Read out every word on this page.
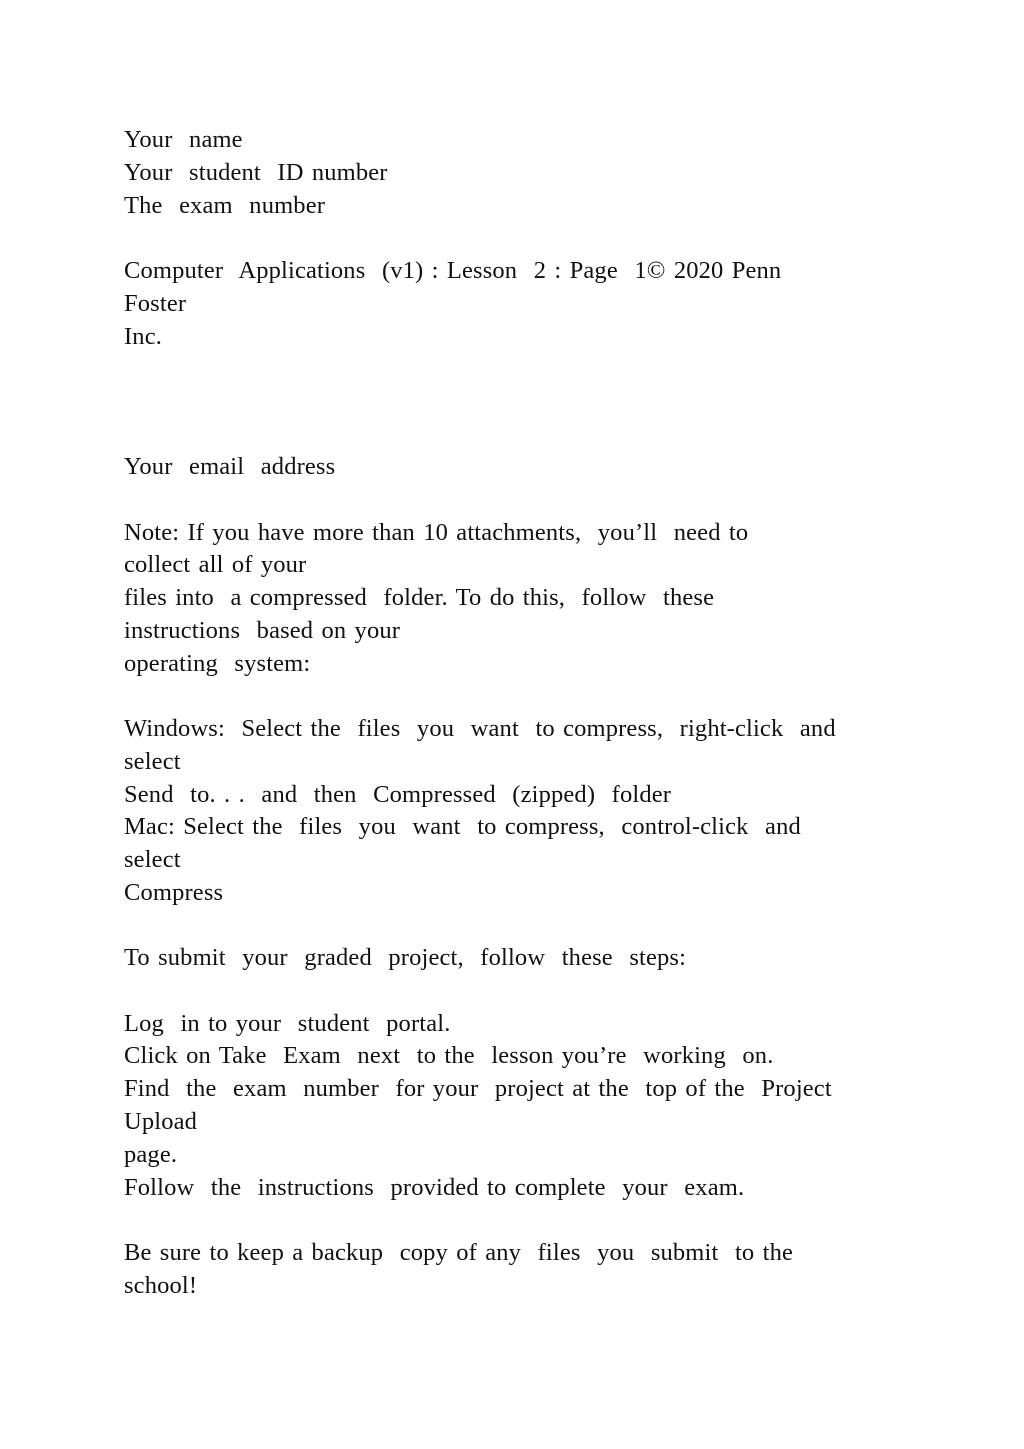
Your  name
Your  student  ID number
The  exam  number
Computer  Applications  (v1) : Lesson  2 : Page  1© 2020 Penn
Foster
Inc.
Your  email  address
Note: If you have more than 10 attachments,  you’ll  need to
collect all of your
files into  a compressed  folder. To do this,  follow  these
instructions  based on your
operating  system:
Windows:  Select the  files  you  want  to compress,  right-click  and
select
Send  to. . .  and  then  Compressed  (zipped)  folder
Mac: Select the  files  you  want  to compress,  control-click  and
select
Compress
To submit  your  graded  project,  follow  these  steps:
Log  in to your  student  portal.
Click on Take  Exam  next  to the  lesson you’re  working  on.
Find  the  exam  number  for your  project at the  top of the  Project
Upload
page.
Follow  the  instructions  provided to complete  your  exam.
Be sure to keep a backup  copy of any  files  you  submit  to the
school!
